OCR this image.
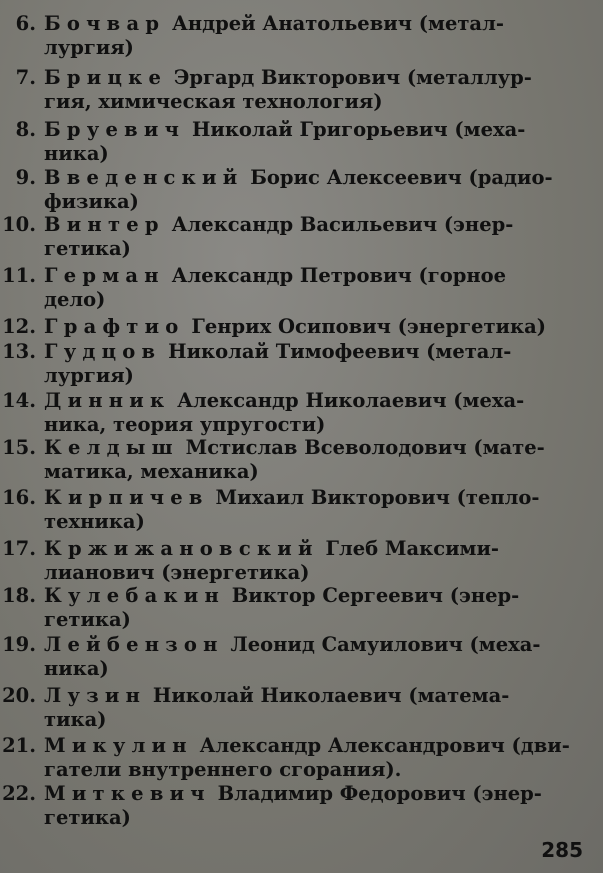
6. Бочвар Андрей Анатольевич (метал-
лургия)
7. Брицке Эргард Викторович (металлур-
гия, химическая технология)
8. Бруевич Николай Григорьевич (меха-
ника)
9. Введенский Борис Алексеевич (радио-
физика)
10. Винтер Александр Васильевич (энер-
гетика)
11. Герман Александр Петрович (горное
дело)
12. Графтио Генрих Осипович (энергетика)
13. Гудцов Николай Тимофеевич (метал-
лургия)
14. Динник Александр Николаевич (меха-
ника, теория упругости)
15. Келдыш Мстислав Всеволодович (мате-
матика, механика)
16. Кирпичев Михаил Викторович (тепло-
техника)
17. Кржижановский Глеб Максими-
лианович (энергетика)
18. Кулебакин Виктор Сергеевич (энер-
гетика)
19. Лейбензон Леонид Самуилович (меха-
ника)
20. Лузин Николай Николаевич (матема-
тика)
21. Микулин Александр Александрович (дви-
гатели внутреннего сгорания).
22. Миткевич Владимир Федорович (энер-
гетика)
285
